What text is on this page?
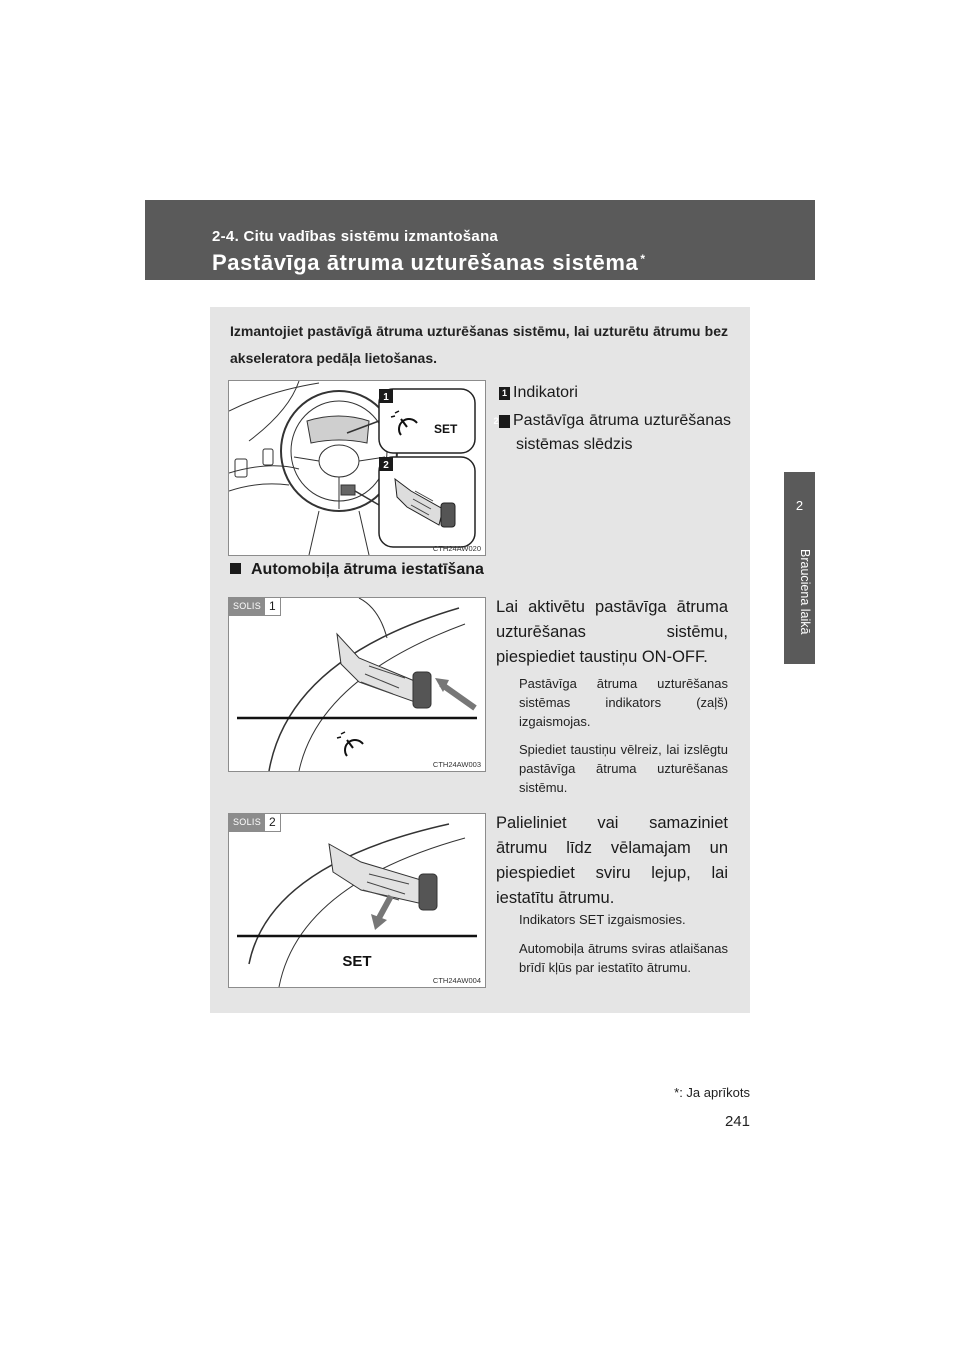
2-4. Citu vadības sistēmu izmantošana
Pastāvīga ātruma uzturēšanas sistēma *
2
Brauciena laikā
Izmantojiet pastāvīgā ātruma uzturēšanas sistēmu, lai uzturētu ātrumu bez akseleratora pedāļa lietošanas.
1
SET
2
CTH24AW020
1 Indikatori
2 Pastāvīga ātruma uzturēšanas sistēmas slēdzis
Automobiļa ātruma iestatīšana
SOLIS 1
CTH24AW003
Lai aktivētu pastāvīga ātruma uzturēšanas sistēmu, piespiediet taustiņu ON-OFF.
Pastāvīga ātruma uzturēšanas sistēmas indikators (zaļš) izgaismojas.
Spiediet taustiņu vēlreiz, lai izslēgtu pastāvīga ātruma uzturēšanas sistēmu.
SOLIS 2
SET
CTH24AW004
Palieliniet vai samaziniet ātrumu līdz vēlamajam un piespiediet sviru lejup, lai iestatītu ātrumu.
Indikators SET izgaismosies.
Automobiļa ātrums sviras atlaišanas brīdī kļūs par iestatīto ātrumu.
*: Ja aprīkots
241
